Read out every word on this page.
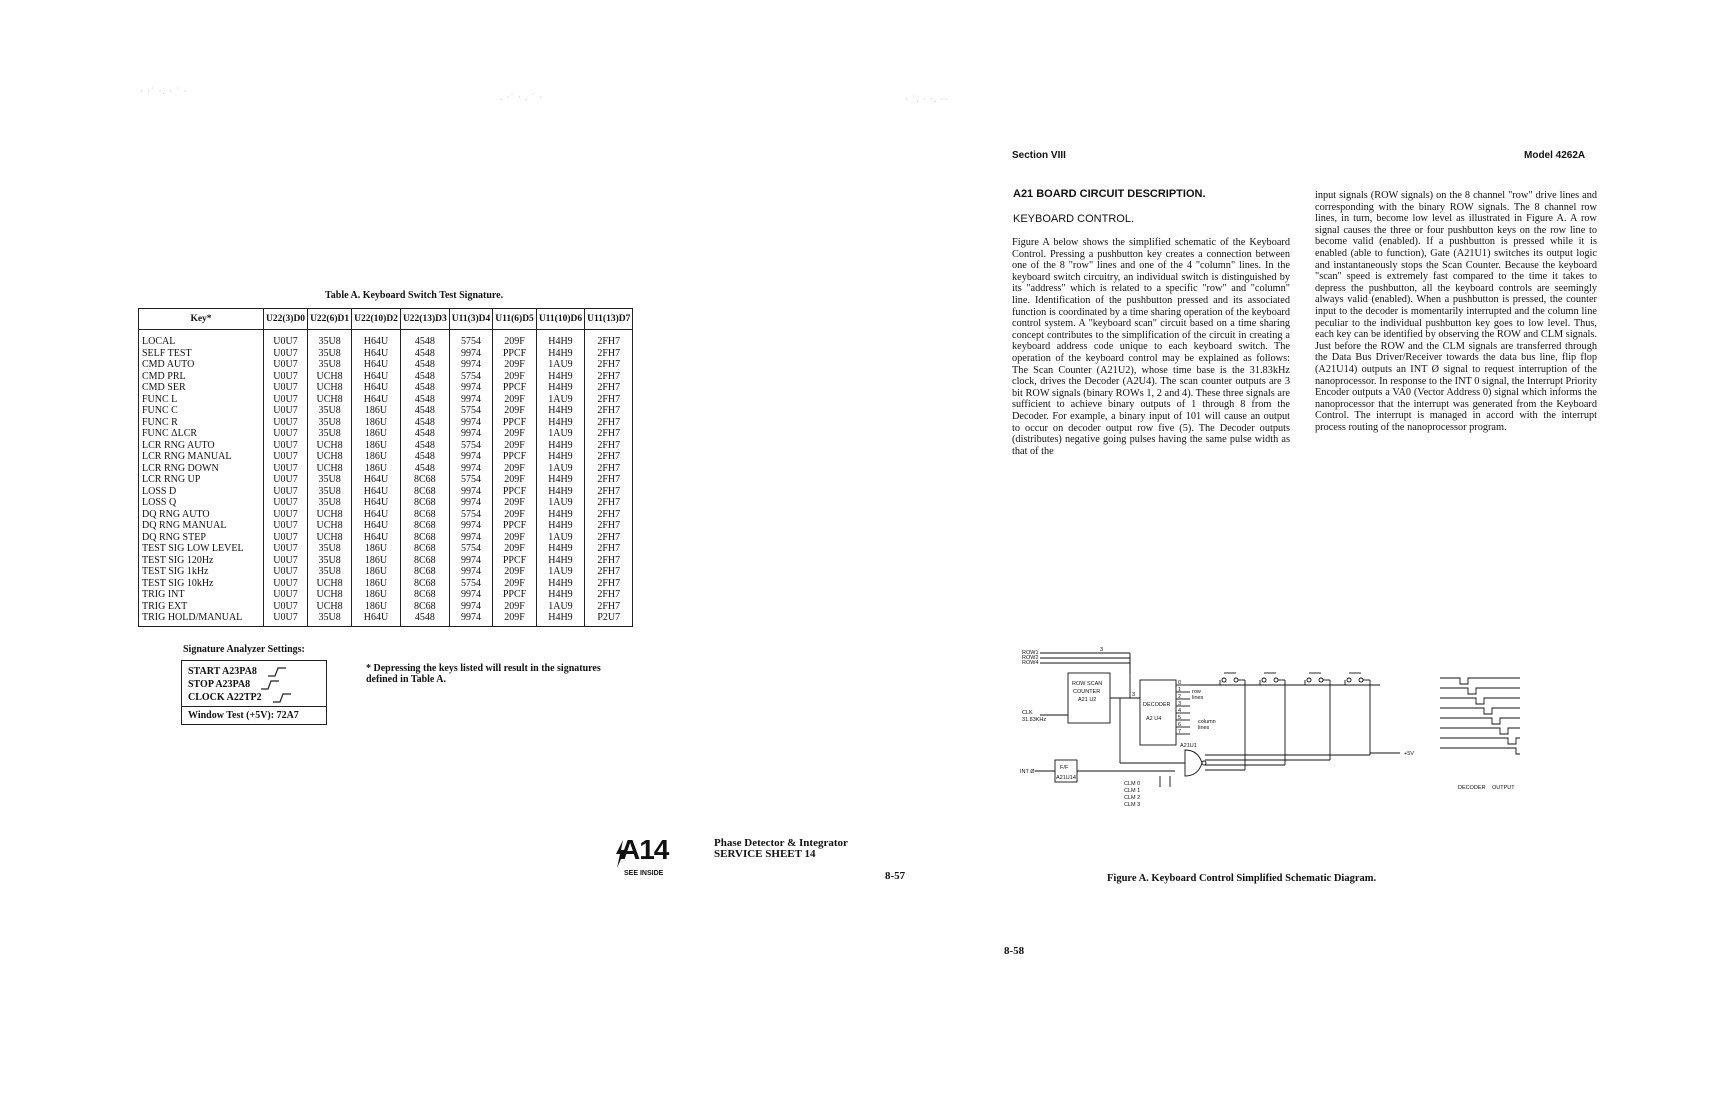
· ·˙ ·. · ˙ ·
. ·˙ · . ˙ ·	· ˙. · ·. ··
Table A. Keyboard Switch Test Signature.
Key*	U22(3)D0	U22(6)D1	U22(10)D2	U22(13)D3	U11(3)D4	U11(6)D5	U11(10)D6	U11(13)D7
LOCAL	U0U7	35U8	H64U	4548	5754	209F	H4H9	2FH7
SELF TEST	U0U7	35U8	H64U	4548	9974	PPCF	H4H9	2FH7
CMD AUTO	U0U7	35U8	H64U	4548	9974	209F	1AU9	2FH7
CMD PRL	U0U7	UCH8	H64U	4548	5754	209F	H4H9	2FH7
CMD SER	U0U7	UCH8	H64U	4548	9974	PPCF	H4H9	2FH7
FUNC L	U0U7	UCH8	H64U	4548	9974	209F	1AU9	2FH7
FUNC C	U0U7	35U8	186U	4548	5754	209F	H4H9	2FH7
FUNC R	U0U7	35U8	186U	4548	9974	PPCF	H4H9	2FH7
FUNC ΔLCR	U0U7	35U8	186U	4548	9974	209F	1AU9	2FH7
LCR RNG AUTO	U0U7	UCH8	186U	4548	5754	209F	H4H9	2FH7
LCR RNG MANUAL	U0U7	UCH8	186U	4548	9974	PPCF	H4H9	2FH7
LCR RNG DOWN	U0U7	UCH8	186U	4548	9974	209F	1AU9	2FH7
LCR RNG UP	U0U7	35U8	H64U	8C68	5754	209F	H4H9	2FH7
LOSS D	U0U7	35U8	H64U	8C68	9974	PPCF	H4H9	2FH7
LOSS Q	U0U7	35U8	H64U	8C68	9974	209F	1AU9	2FH7
DQ RNG AUTO	U0U7	UCH8	H64U	8C68	5754	209F	H4H9	2FH7
DQ RNG MANUAL	U0U7	UCH8	H64U	8C68	9974	PPCF	H4H9	2FH7
DQ RNG STEP	U0U7	UCH8	H64U	8C68	9974	209F	1AU9	2FH7
TEST SIG LOW LEVEL	U0U7	35U8	186U	8C68	5754	209F	H4H9	2FH7
TEST SIG 120Hz	U0U7	35U8	186U	8C68	9974	PPCF	H4H9	2FH7
TEST SIG 1kHz	U0U7	35U8	186U	8C68	9974	209F	1AU9	2FH7
TEST SIG 10kHz	U0U7	UCH8	186U	8C68	5754	209F	H4H9	2FH7
TRIG INT	U0U7	UCH8	186U	8C68	9974	PPCF	H4H9	2FH7
TRIG EXT	U0U7	UCH8	186U	8C68	9974	209F	1AU9	2FH7
TRIG HOLD/MANUAL	U0U7	35U8	H64U	4548	9974	209F	H4H9	P2U7
Signature Analyzer Settings:
START A23PA8
STOP A23PA8
CLOCK A22TP2
Window Test (+5V): 72A7
* Depressing the keys listed will result in the signatures defined in Table A.
A14	Phase Detector & Integrator
SERVICE SHEET 14
SEE INSIDE	8-57
Section VIII	Model 4262A
A21 BOARD CIRCUIT DESCRIPTION.
KEYBOARD CONTROL.
Figure A below shows the simplified schematic of the Keyboard Control. Pressing a pushbutton key creates a connection between one of the 8 "row" lines and one of the 4 "column" lines. In the keyboard switch circuitry, an individual switch is distinguished by its "address" which is related to a specific "row" and "column" line. Identification of the pushbutton pressed and its associated function is coordinated by a time sharing operation of the keyboard control system. A "keyboard scan" circuit based on a time sharing concept contributes to the simplification of the circuit in creating a keyboard address code unique to each keyboard switch. The operation of the keyboard control may be explained as follows: The Scan Counter (A21U2), whose time base is the 31.83kHz clock, drives the Decoder (A2U4). The scan counter outputs are 3 bit ROW signals (binary ROWs 1, 2 and 4). These three signals are sufficient to achieve binary outputs of 1 through 8 from the Decoder. For example, a binary input of 101 will cause an output to occur on decoder output row five (5). The Decoder outputs (distributes) negative going pulses having the same pulse width as that of the
input signals (ROW signals) on the 8 channel "row" drive lines and corresponding with the binary ROW signals. The 8 channel row lines, in turn, become low level as illustrated in Figure A. A row signal causes the three or four pushbutton keys on the row line to become valid (enabled). If a pushbutton is pressed while it is enabled (able to function), Gate (A21U1) switches its output logic and instantaneously stops the Scan Counter. Because the keyboard "scan" speed is extremely fast compared to the time it takes to depress the pushbutton, all the keyboard controls are seemingly always valid (enabled). When a pushbutton is pressed, the counter input to the decoder is momentarily interrupted and the column line peculiar to the individual pushbutton key goes to low level. Thus, each key can be identified by observing the ROW and CLM signals. Just before the ROW and the CLM signals are transferred through the Data Bus Driver/Receiver towards the data bus line, flip flop (A21U14) outputs an INT Ø signal to request interruption of the nanoprocessor. In response to the INT 0 signal, the Interrupt Priority Encoder outputs a VA0 (Vector Address 0) signal which informs the nanoprocessor that the interrupt was generated from the Keyboard Control. The interrupt is managed in accord with the interrupt process routing of the nanoprocessor program.
ROW1
ROW2
ROW4
3
ROW SCAN
COUNTER
A21 U2
CLK
31.83KHz
3
DECODER
A2 U4
0
1
2
3
4
5
6
7
row
lines
column
lines
A21U1
F/F
A21U14
INT Ø
+5V
CLM 0
CLM 1
CLM 2
CLM 3
DECODER OUTPUT
Figure A. Keyboard Control Simplified Schematic Diagram.
8-58
